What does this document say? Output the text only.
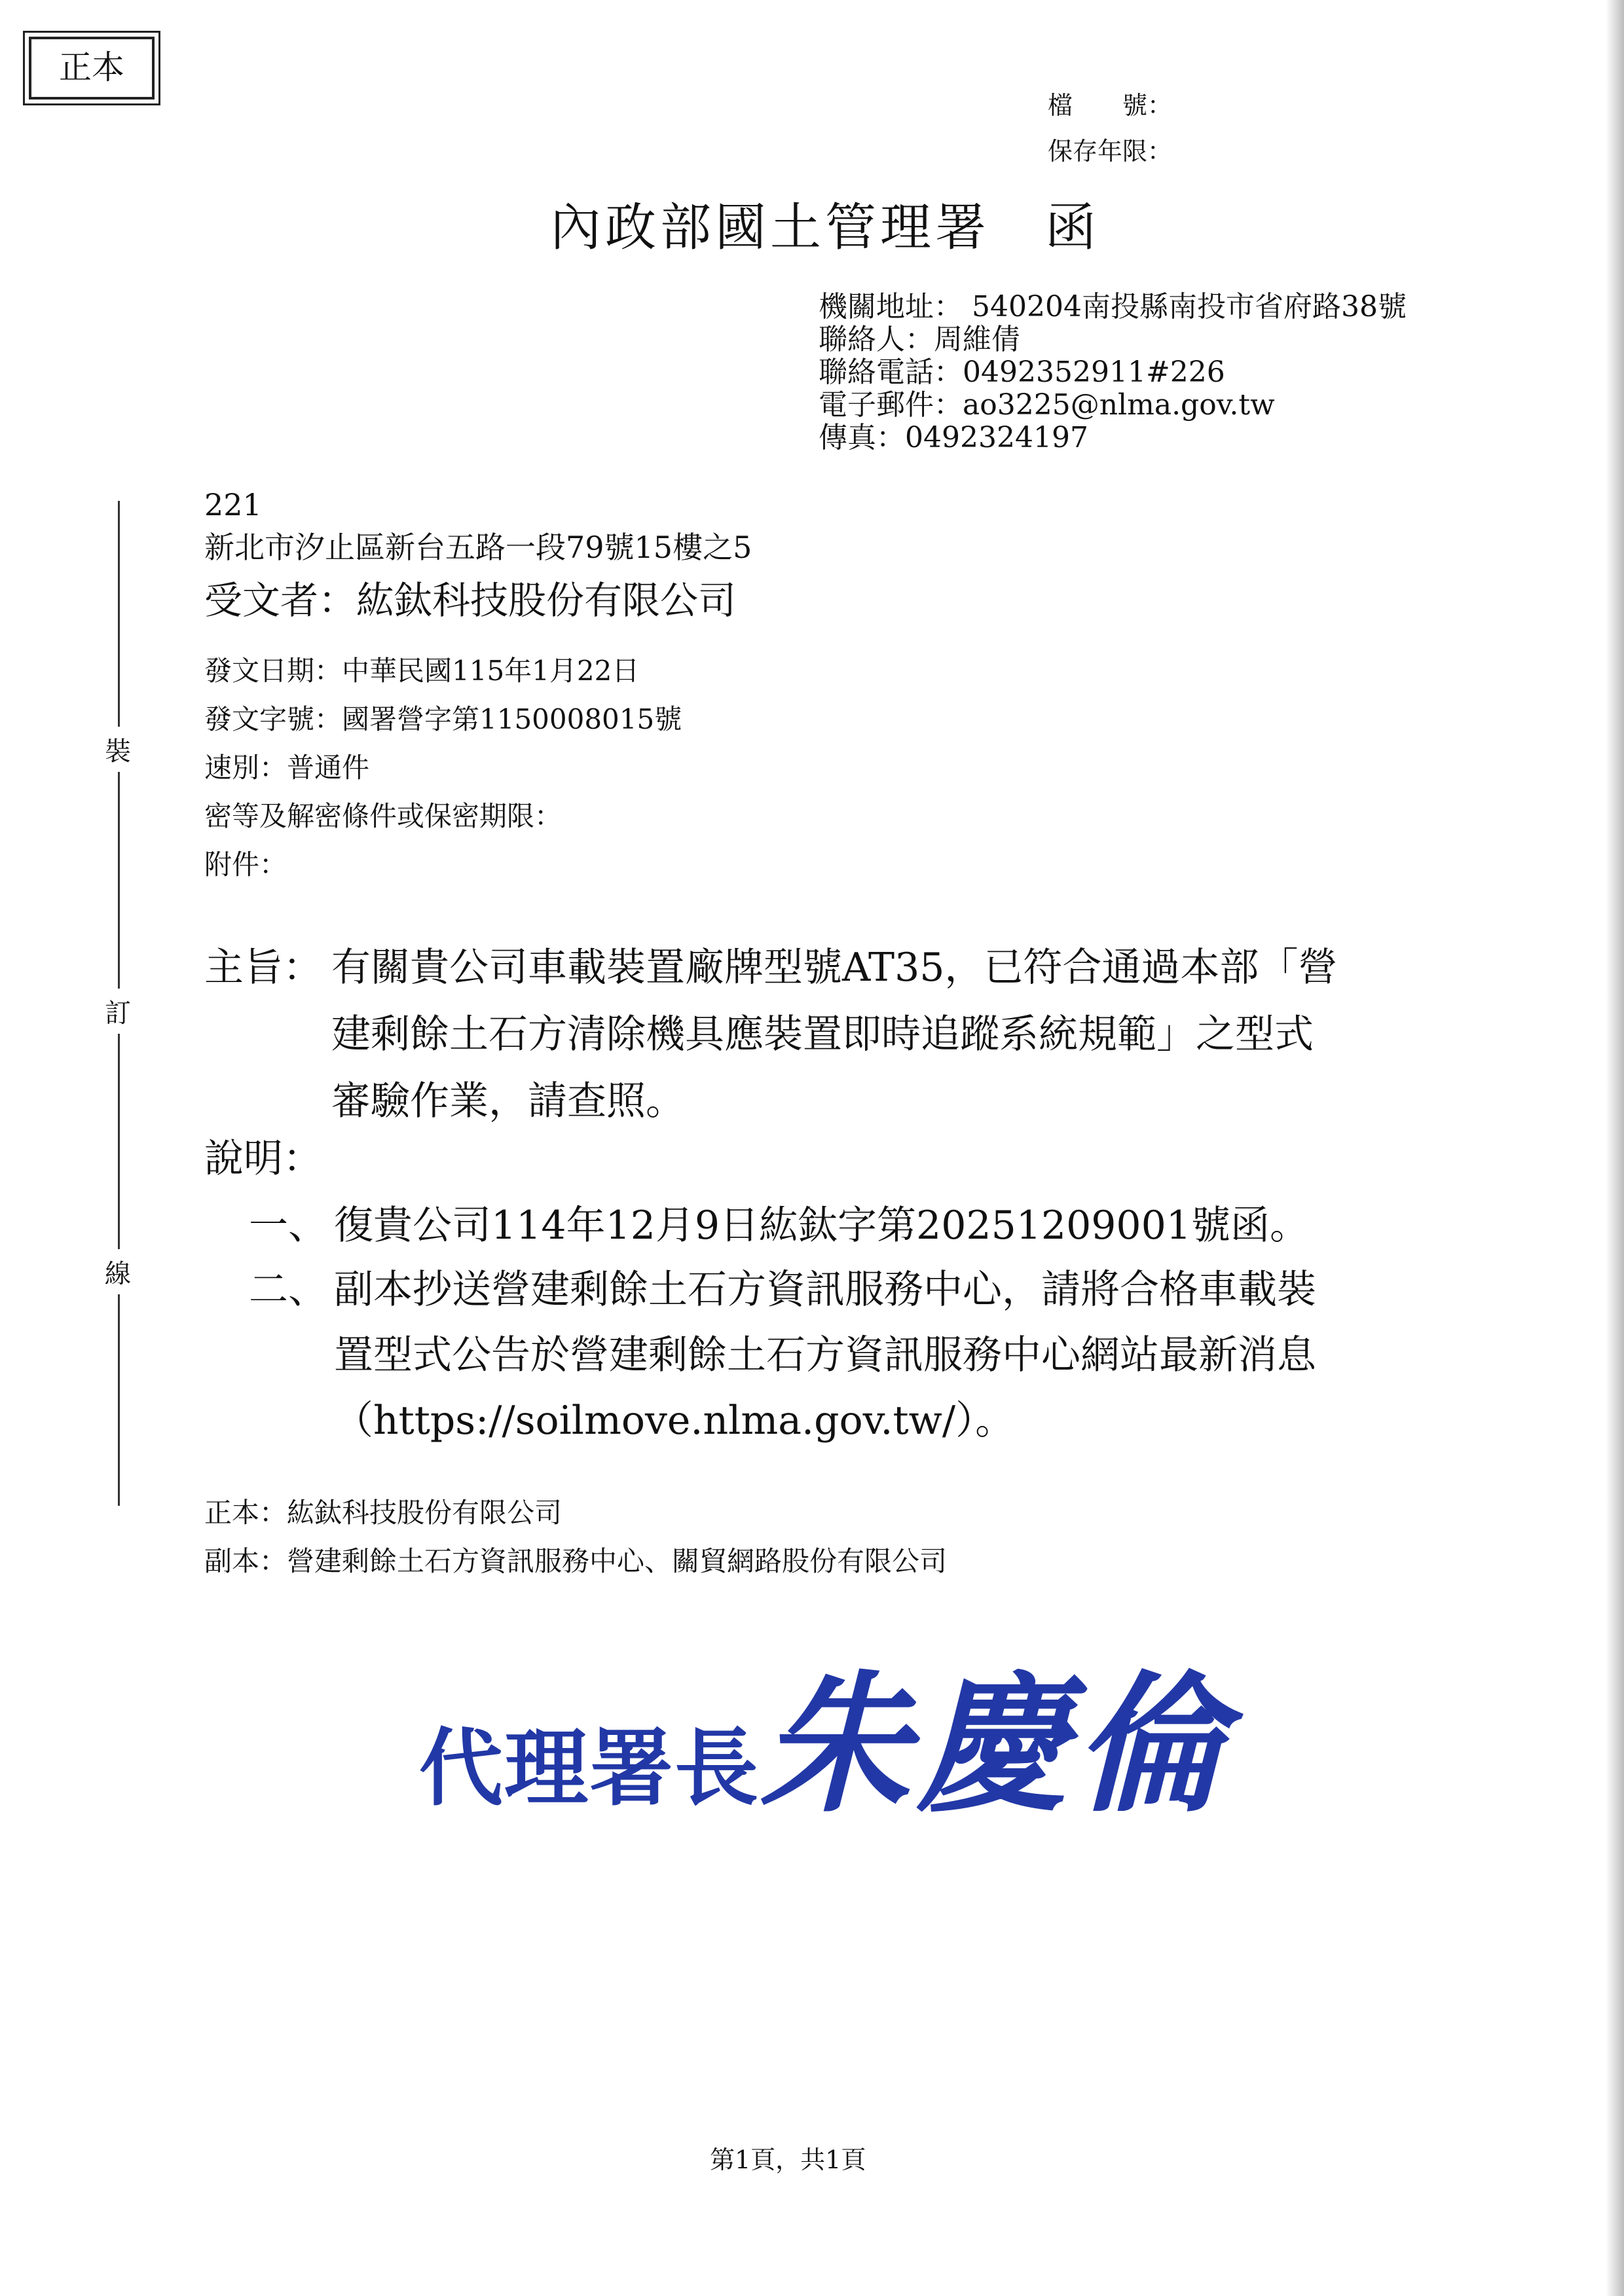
正本
檔　　號：
保存年限：
內政部國土管理署　函
機關地址： 540204南投縣南投市省府路38號
聯絡人：周維倩
聯絡電話：0492352911#226
電子郵件：ao3225@nlma.gov.tw
傳真：0492324197
裝
訂
線
221
新北市汐止區新台五路一段79號15樓之5
受文者：紘鈦科技股份有限公司
發文日期：中華民國115年1月22日
發文字號：國署營字第1150008015號
速別：普通件
密等及解密條件或保密期限：
附件：
主旨： 有關貴公司車載裝置廠牌型號AT35，已符合通過本部「營
建剩餘土石方清除機具應裝置即時追蹤系統規範」之型式
審驗作業，請查照。
說明：
一、 復貴公司114年12月9日紘鈦字第20251209001號函。
二、 副本抄送營建剩餘土石方資訊服務中心，請將合格車載裝
置型式公告於營建剩餘土石方資訊服務中心網站最新消息
（https://soilmove.nlma.gov.tw/）。
正本：紘鈦科技股份有限公司
副本：營建剩餘土石方資訊服務中心、關貿網路股份有限公司
代理署長朱慶倫
第1頁，共1頁
